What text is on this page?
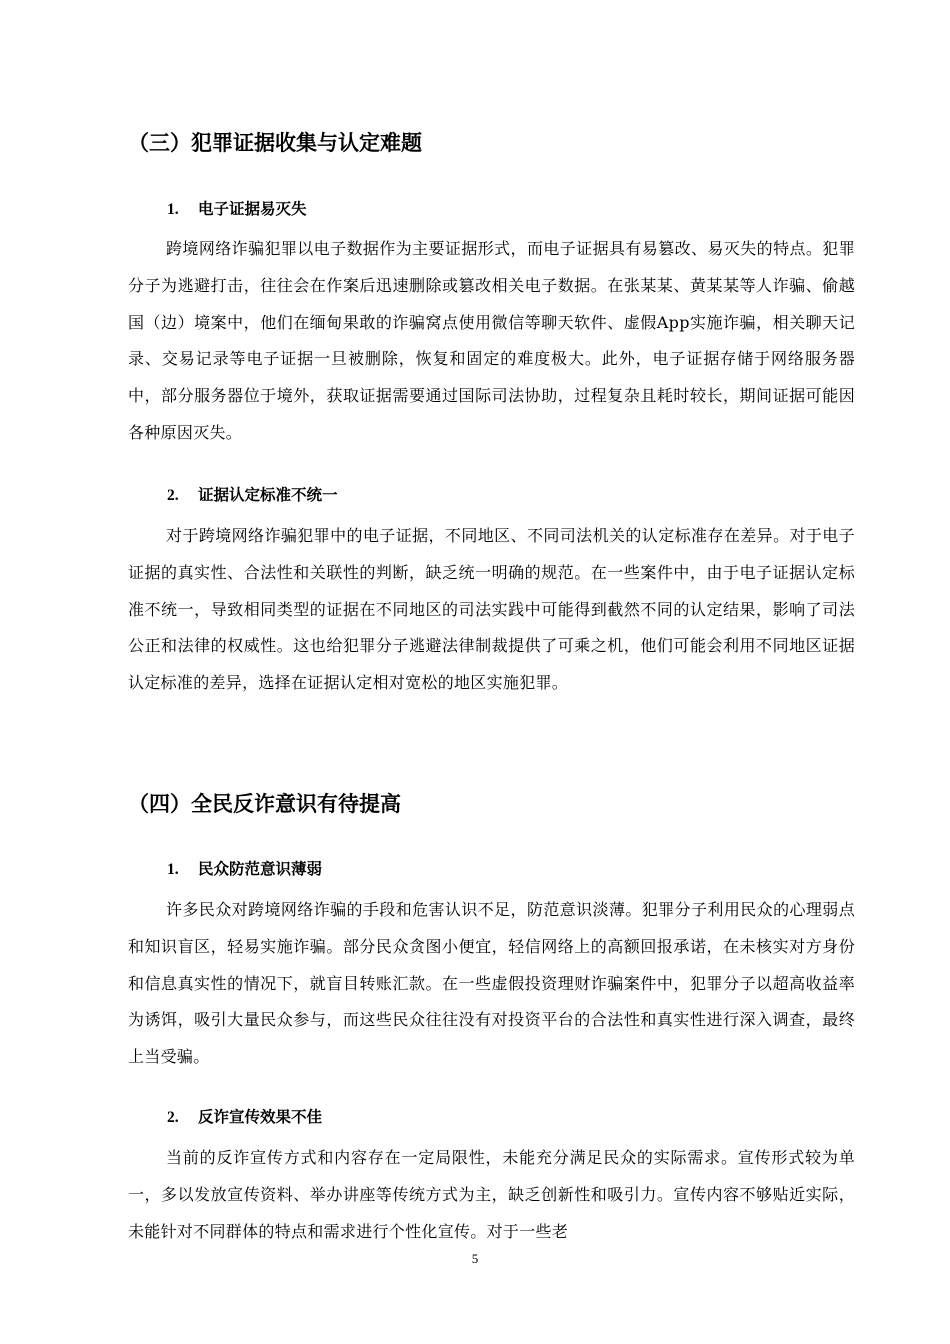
（三）犯罪证据收集与认定难题
1. 电子证据易灭失

跨境网络诈骗犯罪以电子数据作为主要证据形式，而电子证据具有易篡改、易灭失的特点。犯罪分子为逃避打击，往往会在作案后迅速删除或篡改相关电子数据。在张某某、黄某某等人诈骗、偷越国（边）境案中，他们在缅甸果敢的诈骗窝点使用微信等聊天软件、虚假App实施诈骗，相关聊天记录、交易记录等电子证据一旦被删除，恢复和固定的难度极大。此外，电子证据存储于网络服务器中，部分服务器位于境外，获取证据需要通过国际司法协助，过程复杂且耗时较长，期间证据可能因各种原因灭失。

2. 证据认定标准不统一

对于跨境网络诈骗犯罪中的电子证据，不同地区、不同司法机关的认定标准存在差异。对于电子证据的真实性、合法性和关联性的判断，缺乏统一明确的规范。在一些案件中，由于电子证据认定标准不统一，导致相同类型的证据在不同地区的司法实践中可能得到截然不同的认定结果，影响了司法公正和法律的权威性。这也给犯罪分子逃避法律制裁提供了可乘之机，他们可能会利用不同地区证据认定标准的差异，选择在证据认定相对宽松的地区实施犯罪。

（四）全民反诈意识有待提高
1. 民众防范意识薄弱

许多民众对跨境网络诈骗的手段和危害认识不足，防范意识淡薄。犯罪分子利用民众的心理弱点和知识盲区，轻易实施诈骗。部分民众贪图小便宜，轻信网络上的高额回报承诺，在未核实对方身份和信息真实性的情况下，就盲目转账汇款。在一些虚假投资理财诈骗案件中，犯罪分子以超高收益率为诱饵，吸引大量民众参与，而这些民众往往没有对投资平台的合法性和真实性进行深入调查，最终上当受骗。

2. 反诈宣传效果不佳

当前的反诈宣传方式和内容存在一定局限性，未能充分满足民众的实际需求。宣传形式较为单一，多以发放宣传资料、举办讲座等传统方式为主，缺乏创新性和吸引力。宣传内容不够贴近实际，未能针对不同群体的特点和需求进行个性化宣传。对于一些老

5
